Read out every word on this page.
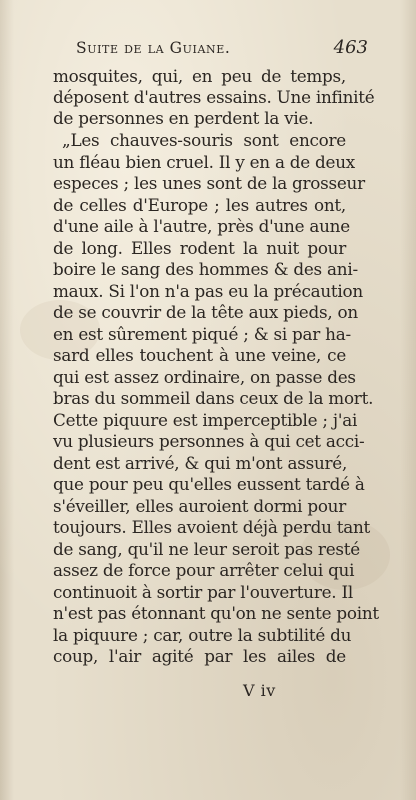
Suite de la Guiane.	463
mosquites, qui, en peu de temps,
déposent d'autres essains. Une infinité
de personnes en perdent la vie.
„Les chauves-souris sont encore
un fléau bien cruel. Il y en a de deux
especes ; les unes sont de la grosseur
de celles d'Europe ; les autres ont,
d'une aile à l'autre, près d'une aune
de long. Elles rodent la nuit pour
boire le sang des hommes & des ani-
maux. Si l'on n'a pas eu la précaution
de se couvrir de la tête aux pieds, on
en est sûrement piqué ; & si par ha-
sard elles touchent à une veine, ce
qui est assez ordinaire, on passe des
bras du sommeil dans ceux de la mort.
Cette piquure est imperceptible ; j'ai
vu plusieurs personnes à qui cet acci-
dent est arrivé, & qui m'ont assuré,
que pour peu qu'elles eussent tardé à
s'éveiller, elles auroient dormi pour
toujours. Elles avoient déjà perdu tant
de sang, qu'il ne leur seroit pas resté
assez de force pour arrêter celui qui
continuoit à sortir par l'ouverture. Il
n'est pas étonnant qu'on ne sente point
la piquure ; car, outre la subtilité du
coup, l'air agité par les ailes de
V iv
